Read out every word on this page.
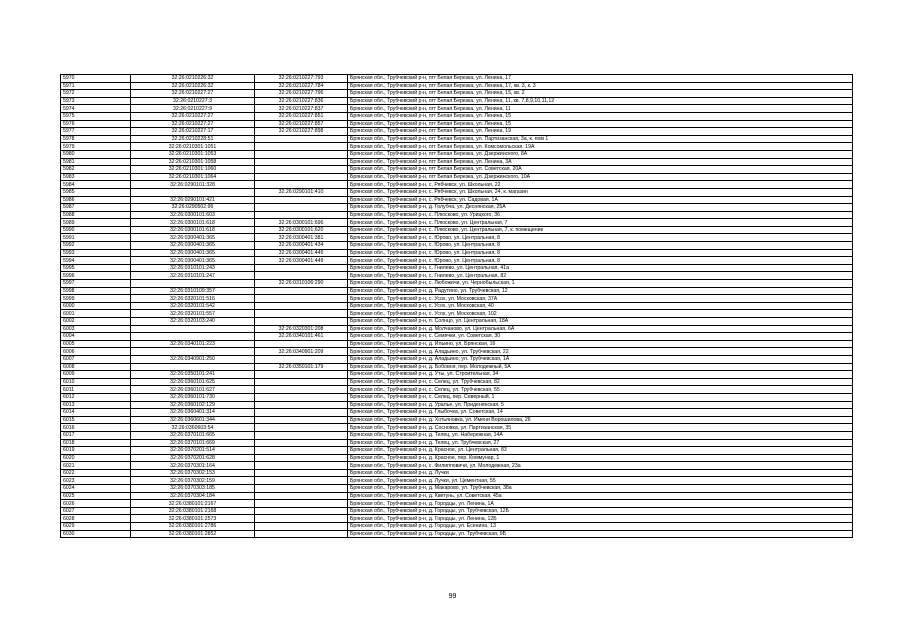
5970	32:26:0210226:32	32:26:0210227:793	Брянская обл., Трубчевский р-н, пгт Белая Березка, ул. Ленина, 17
5971	32:26:0210226:32	32:26:0210227:784	Брянская обл., Трубчевский р-н, пгт Белая Березка, ул. Ленина, 17, кв. 3, к. 3
5972	32:26:0210227:27	32:26:0210227:796	Брянская обл., Трубчевский р-н, пгт Белая Березка, ул. Ленина, 15, кв. 2
5973	32:26:0210227:3	32:26:0210227:836	Брянская обл., Трубчевский р-н, пгт Белая Березка, ул. Ленина, 11, кв. 7,8,9,10,11,12
5974	32:26:0210227:9	32:26:0210227:837	Брянская обл., Трубчевский р-н, пгт Белая Березка, ул. Ленина, 11
5975	32:26:0210227:27	32:26:0210227:851	Брянская обл., Трубчевский р-н, пгт Белая Березка, ул. Ленина, 15
5976	32:26:0210227:27	32:26:0210227:857	Брянская обл., Трубчевский р-н, пгт Белая Березка, ул. Ленина, 15
5977	32:26:0210227:17	32:26:0210227:898	Брянская обл., Трубчевский р-н, пгт Белая Березка, ул. Ленина, 19
5978	32:26:0210228:51		Брянская обл., Трубчевский р-н, пгт Белая Березка, ул. Партизанская, 3а, к. пом 1
5979	32:26:0210301:1051		Брянская обл., Трубчевский р-н, пгт Белая Березка, ул. Комсомольская, 19А
5980	32:26:0210301:1053		Брянская обл., Трубчевский р-н, пгт Белая Березка, ул. Дзержинского, 8А
5981	32:26:0210301:1058		Брянская обл., Трубчевский р-н, пгт Белая Березка, ул. Ленина, 3А
5982	32:26:0210301:1060		Брянская обл., Трубчевский р-н, пгт Белая Березка, ул. Советская, 20А
5983	32:26:0210301:1064		Брянская обл., Трубчевский р-н, пгт Белая Березка, ул. Дзержинского, 10А
5984	32:26:0290101:328		Брянская обл., Трубчевский р-н, с. Рябчевск, ул. Школьная, 22
5985		32:26:0290101:410	Брянская обл., Трубчевский р-н, с. Рябчевск, ул. Школьная, 24, к. магазин
5986	32:26:0290101:421		Брянская обл., Трубчевский р-н, с. Рябчевск, ул. Садовая, 1А
5987	32:26:0290502:96		Брянская обл., Трубчевский р-н, д. Голубча, ул. Деснянская, 25А
5988	32:26:0300101:603		Брянская обл., Трубчевский р-н, с. Плюсково, ул. Урицкого, 36
5989	32:26:0300101:618	32:26:0300101:696	Брянская обл., Трубчевский р-н, с. Плюсково, ул. Центральная, 7
5990	32:26:0300101:618	32:26:0300101:620	Брянская обл., Трубчевский р-н, с. Плюсково, ул. Центральная, 7, к. помещение
5991	32:26:0300401:365	32:26:0300401:381	Брянская обл., Трубчевский р-н, с. Юрово, ул. Центральная, 8
5992	32:26:0300401:365	32:26:0300401:434	Брянская обл., Трубчевский р-н, с. Юрово, ул. Центральная, 8
5993	32:26:0300401:365	32:26:0300401:445	Брянская обл., Трубчевский р-н, с. Юрово, ул. Центральная, 8
5994	32:26:0300401:365	32:26:0300401:449	Брянская обл., Трубчевский р-н, с. Юрово, ул. Центральная, 8
5995	32:26:0310101:243		Брянская обл., Трубчевский р-н, с. Гнилево, ул. Центральная, 41а
5996	32:26:0310101:247		Брянская обл., Трубчевский р-н, с. Гнилево, ул. Центральная, 82
5997		32:26:0310106:290	Брянская обл., Трубчевский р-н, с. Любожичи, ул. Чернобыльская, 1
5998	32:26:0310109:357		Брянская обл., Трубчевский р-н, д. Радутино, ул. Трубчевская, 12
5999	32:26:0320101:516		Брянская обл., Трубчевский р-н, с. Усох, ул. Московская, 37А
6000	32:26:0320101:542		Брянская обл., Трубчевский р-н, с. Усох, ул. Московская, 40
6001	32:26:0320101:557		Брянская обл., Трубчевский р-н, с. Усох, ул. Московская, 102
6002	32:26:0320103:240		Брянская обл., Трубчевский р-н, п. Солнцо, ул. Центральная, 18А
6003		32:26:0320301:208	Брянская обл., Трубчевский р-н, д. Молчаново, ул. Центральная, 6А
6004		32:26:0340101:461	Брянская обл., Трубчевский р-н, с. Семячки, ул. Советская, 30
6005	32:26:0340101:223		Брянская обл., Трубчевский р-н, д. Ильино, ул. Брянская, 16
6006		32:26:0340901:209	Брянская обл., Трубчевский р-н, д. Аладьино, ул. Трубчевская, 22
6007	32:26:0340901:250		Брянская обл., Трубчевский р-н, д. Аладьино, ул. Трубчевская, 1А
6008		32:26:0350101:179	Брянская обл., Трубчевский р-н, д. Бобовня, пер. Молодежный, 5А
6009	32:26:0350101:241		Брянская обл., Трубчевский р-н, д. Уты, ул. Строительная, 34
6010	32:26:0360101:625		Брянская обл., Трубчевский р-н, с. Селец, ул. Трубчевская, 82
6011	32:26:0360101:627		Брянская обл., Трубчевский р-н, с. Селец, ул. Трубчевская, 55
6012	32:26:0360101:730		Брянская обл., Трубчевский р-н, с. Селец, пер. Северный, 1
6013	32:26:0360102:129		Брянская обл., Трубчевский р-н, д. Уралье, ул. Приденянская, 5
6014	32:26:0360401:314		Брянская обл., Трубчевский р-н, д. Глыбочка, ул. Советская, 14
6015	32:26:0360601:344		Брянская обл., Трубчевский р-н, д. Хотьяновка, ул. Имени Ворошилова, 26
6016	32:26:0360603:54		Брянская обл., Трубчевский р-н, д. Сосновка, ул. Партизанская, 35
6017	32:26:0370101:665		Брянская обл., Трубчевский р-н, д. Телец, ул. Набережная, 14А
6018	32:26:0370101:669		Брянская обл., Трубчевский р-н, д. Телец, ул. Трубчевская, 27
6019	32:26:0370201:514		Брянская обл., Трубчевский р-н, д. Красное, ул. Центральная, 83
6020	32:26:0370201:628		Брянская обл., Трубчевский р-н, д. Красное, пер. Коммунар, 1
6021	32:26:0370301:164		Брянская обл., Трубчевский р-н, с. Филипповичи, ул. Молодежная, 23а
6022	32:26:0370302:153		Брянская обл., Трубчевский р-н, д. Лучки
6023	32:26:0370302:159		Брянская обл., Трубчевский р-н, д. Лучки, ул. Цементная, 55
6024	32:26:0370303:185		Брянская обл., Трубчевский р-н, д. Макарово, ул. Трубчевская, 38а
6025	32:26:0370304:184		Брянская обл., Трубчевский р-н, д. Кветунь, ул. Советская, 45а
6026	32:26:0380101:2167		Брянская обл., Трубчевский р-н, д. Городцы, ул. Ленина, 1А
6027	32:26:0380101:2168		Брянская обл., Трубчевский р-н, д. Городцы, ул. Трубчевская, 12Б
6028	32:26:0380101:2573		Брянская обл., Трубчевский р-н, д. Городцы, ул. Ленина, 12Б
6029	32:26:0380101:2786		Брянская обл., Трубчевский р-н, д. Городцы, ул. Есенина, 13
6030	32:26:0380101:2852		Брянская обл., Трубчевский р-н, д. Городцы, ул. Трубчевская, 9Б
99
